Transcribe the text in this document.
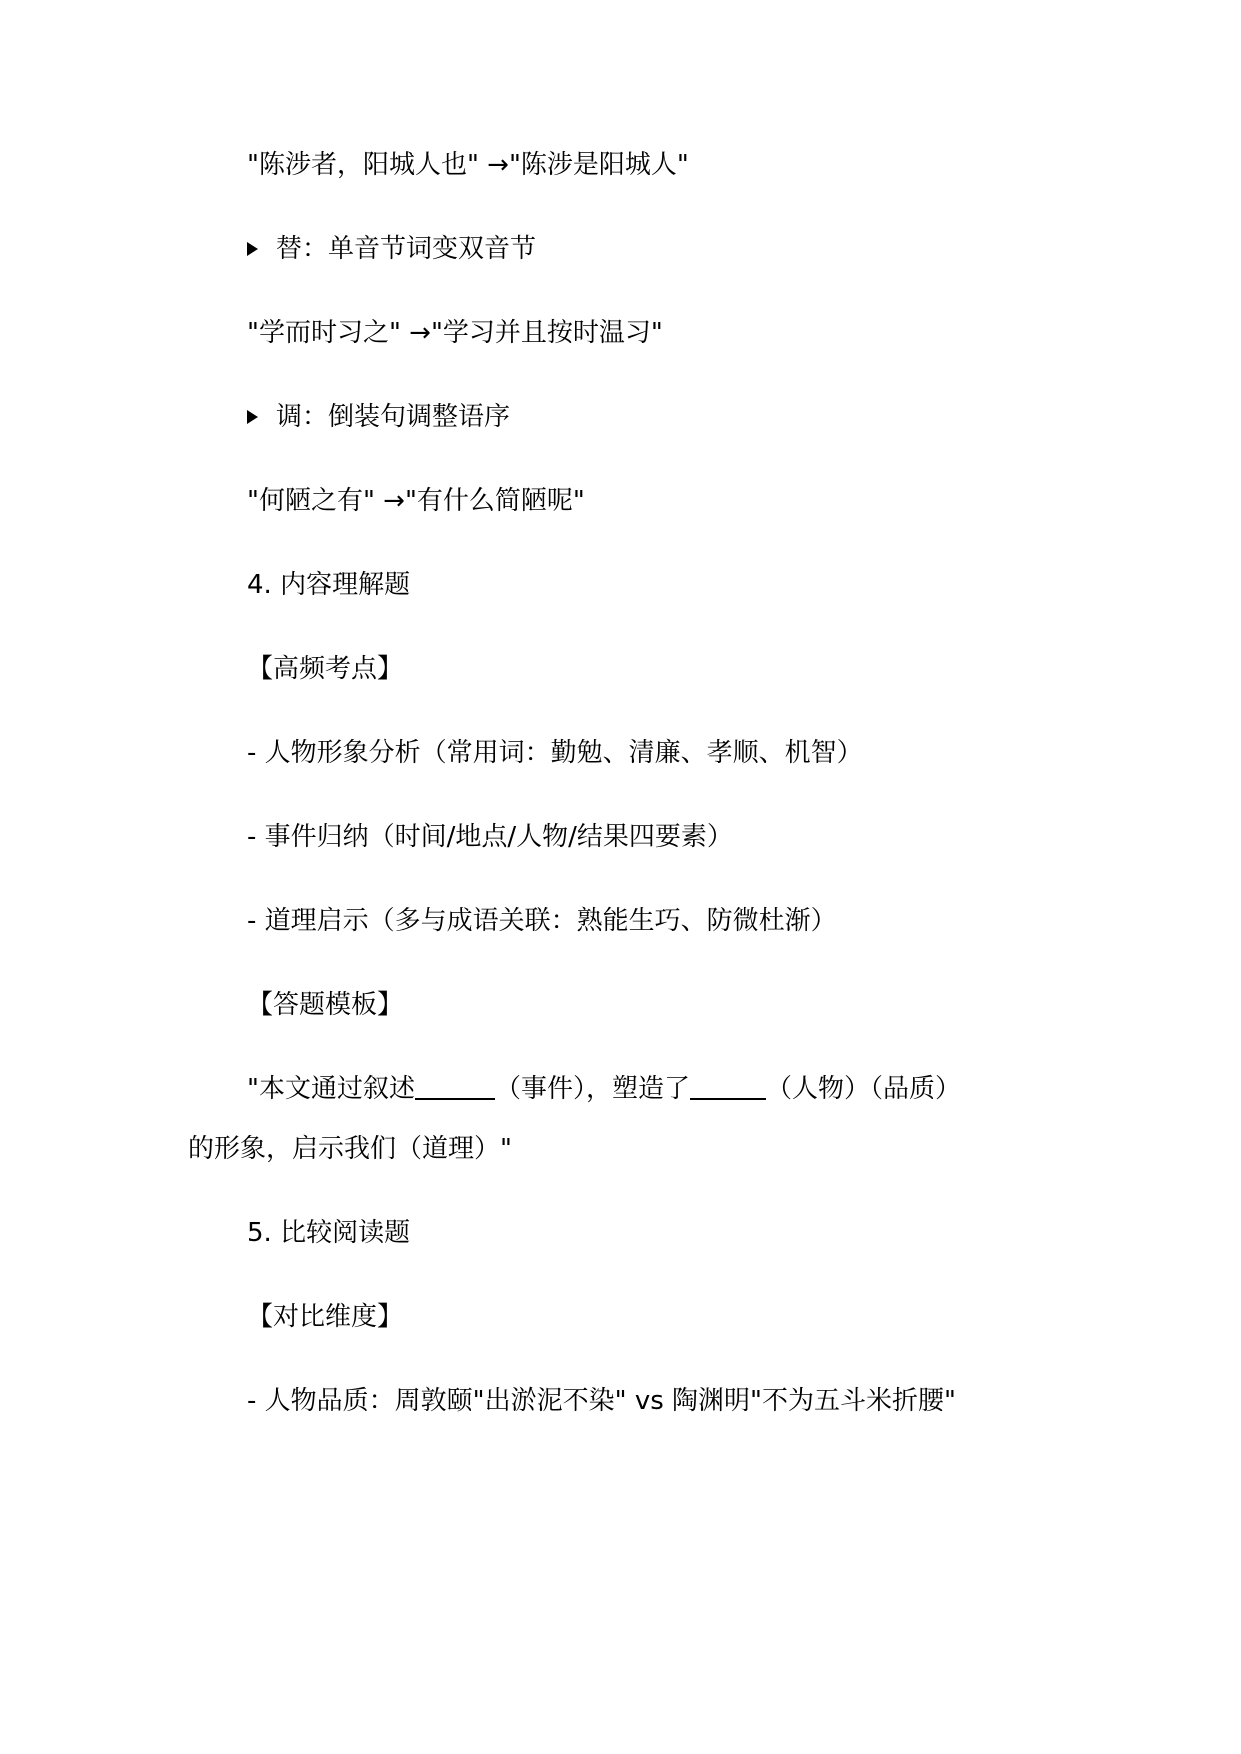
"陈涉者，阳城人也" →"陈涉是阳城人"
替：单音节词变双音节
"学而时习之" →"学习并且按时温习"
调：倒装句调整语序
"何陋之有" →"有什么简陋呢"
4. 内容理解题
【高频考点】
- 人物形象分析（常用词：勤勉、清廉、孝顺、机智）
- 事件归纳（时间/地点/人物/结果四要素）
- 道理启示（多与成语关联：熟能生巧、防微杜渐）
【答题模板】
"本文通过叙述	（事件），塑造了	（人物）（品质）
的形象，启示我们（道理）"
5. 比较阅读题
【对比维度】
- 人物品质：周敦颐"出淤泥不染" vs 陶渊明"不为五斗米折腰"
